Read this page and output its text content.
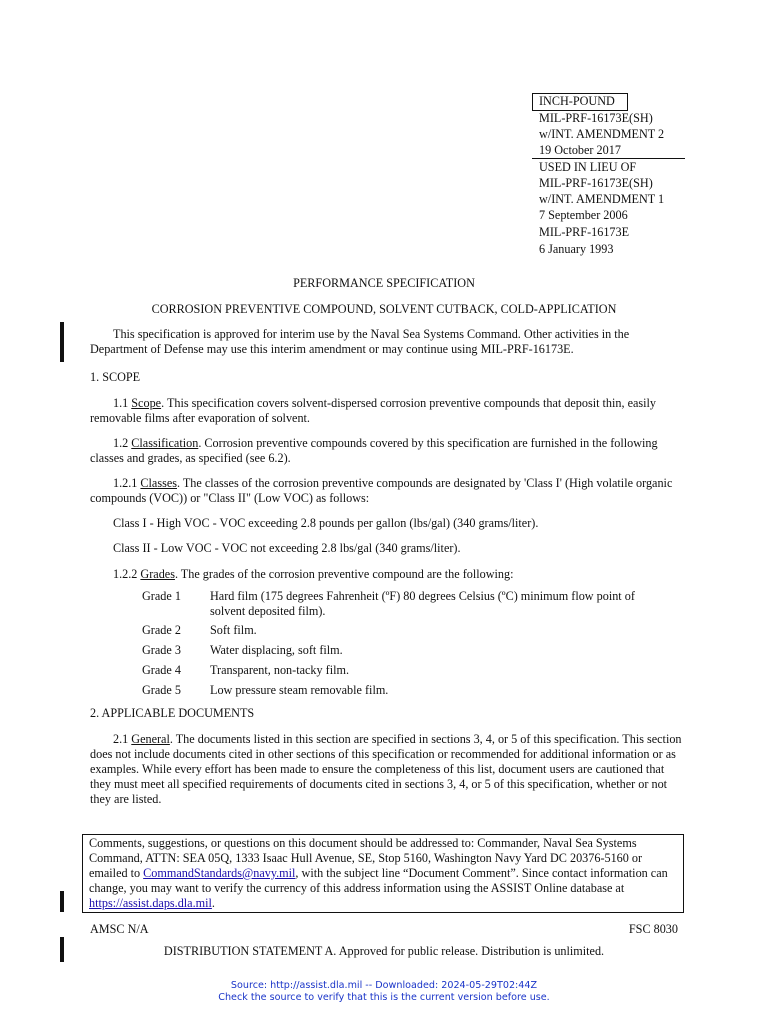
INCH-POUND
MIL-PRF-16173E(SH)
w/INT. AMENDMENT 2
19 October 2017
USED IN LIEU OF
MIL-PRF-16173E(SH)
w/INT. AMENDMENT 1
7 September 2006
MIL-PRF-16173E
6 January 1993
PERFORMANCE SPECIFICATION
CORROSION PREVENTIVE COMPOUND, SOLVENT CUTBACK, COLD-APPLICATION
This specification is approved for interim use by the Naval Sea Systems Command. Other activities in the Department of Defense may use this interim amendment or may continue using MIL-PRF-16173E.
1. SCOPE
1.1 Scope. This specification covers solvent-dispersed corrosion preventive compounds that deposit thin, easily removable films after evaporation of solvent.
1.2 Classification. Corrosion preventive compounds covered by this specification are furnished in the following classes and grades, as specified (see 6.2).
1.2.1 Classes. The classes of the corrosion preventive compounds are designated by 'Class I' (High volatile organic compounds (VOC)) or "Class II" (Low VOC) as follows:
Class I - High VOC - VOC exceeding 2.8 pounds per gallon (lbs/gal) (340 grams/liter).
Class II - Low VOC - VOC not exceeding 2.8 lbs/gal (340 grams/liter).
1.2.2 Grades. The grades of the corrosion preventive compound are the following:
Grade 1	Hard film (175 degrees Fahrenheit (ºF) 80 degrees Celsius (ºC) minimum flow point of solvent deposited film).
Grade 2	Soft film.
Grade 3	Water displacing, soft film.
Grade 4	Transparent, non-tacky film.
Grade 5	Low pressure steam removable film.
2. APPLICABLE DOCUMENTS
2.1 General. The documents listed in this section are specified in sections 3, 4, or 5 of this specification. This section does not include documents cited in other sections of this specification or recommended for additional information or as examples. While every effort has been made to ensure the completeness of this list, document users are cautioned that they must meet all specified requirements of documents cited in sections 3, 4, or 5 of this specification, whether or not they are listed.
Comments, suggestions, or questions on this document should be addressed to: Commander, Naval Sea Systems Command, ATTN: SEA 05Q, 1333 Isaac Hull Avenue, SE, Stop 5160, Washington Navy Yard DC 20376-5160 or emailed to CommandStandards@navy.mil, with the subject line “Document Comment”. Since contact information can change, you may want to verify the currency of this address information using the ASSIST Online database at https://assist.daps.dla.mil.
AMSC N/A	FSC 8030
DISTRIBUTION STATEMENT A. Approved for public release. Distribution is unlimited.
Source: http://assist.dla.mil -- Downloaded: 2024-05-29T02:44Z
Check the source to verify that this is the current version before use.
